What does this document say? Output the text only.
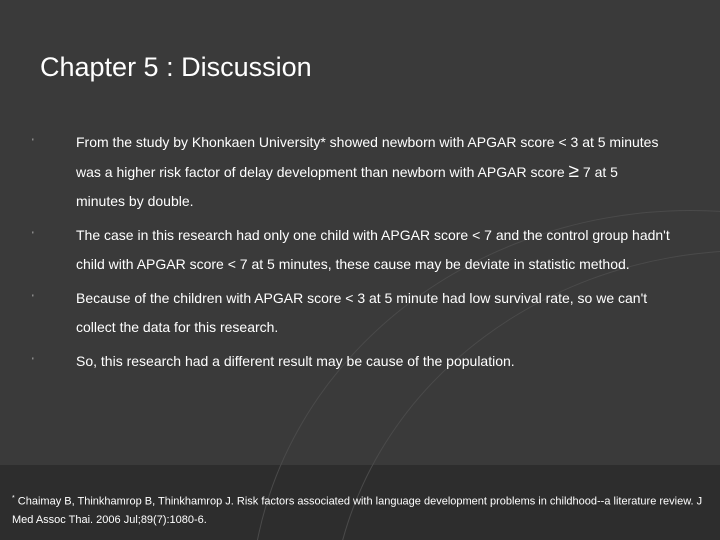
Chapter 5 : Discussion
'	From the study by Khonkaen University* showed newborn with APGAR score < 3 at 5 minutes was a higher risk factor of delay development than newborn with APGAR score ≥ 7 at 5 minutes by double.
'	The case in this research had only one child with APGAR score < 7 and the control group hadn't child with APGAR score < 7 at 5 minutes, these cause may be deviate in statistic method.
'	Because of the children with APGAR score < 3 at 5 minute had low survival rate, so we can't collect the data for this research.
'	So, this research had a different result may be cause of the population.
* Chaimay B, Thinkhamrop B, Thinkhamrop J. Risk factors associated with language development problems in childhood--a literature review. J Med Assoc Thai. 2006 Jul;89(7):1080-6.
